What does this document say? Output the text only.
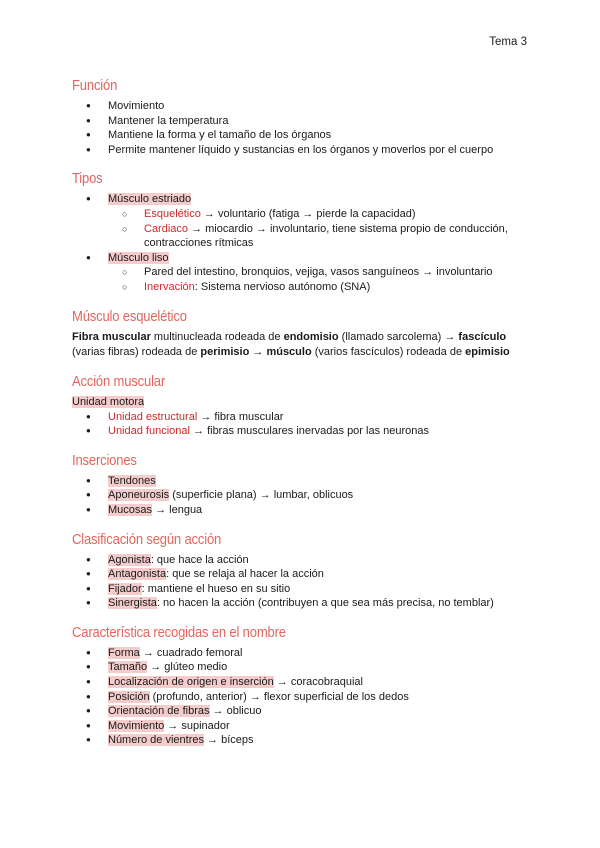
Tema 3
Función
● Movimiento
● Mantener la temperatura
● Mantiene la forma y el tamaño de los órganos
● Permite mantener líquido y sustancias en los órganos y moverlos por el cuerpo
Tipos
● Músculo estriado
○ Esquelético → voluntario (fatiga → pierde la capacidad)
○ Cardiaco → miocardio → involuntario, tiene sistema propio de conducción, contracciones rítmicas
● Músculo liso
○ Pared del intestino, bronquios, vejiga, vasos sanguíneos → involuntario
○ Inervación: Sistema nervioso autónomo (SNA)
Músculo esquelético

Fibra muscular multinucleada rodeada de endomisio (llamado sarcolema) → fascículo (varias fibras) rodeada de perimisio → músculo (varios fascículos) rodeada de epimisio

Acción muscular

Unidad motora

● Unidad estructural → fibra muscular
● Unidad funcional → fibras musculares inervadas por las neuronas
Inserciones
● Tendones
● Aponeurosis (superficie plana) → lumbar, oblicuos
● Mucosas → lengua
Clasificación según acción
● Agonista: que hace la acción
● Antagonista: que se relaja al hacer la acción
● Fijador: mantiene el hueso en su sitio
● Sinergista: no hacen la acción (contribuyen a que sea más precisa, no temblar)
Característica recogidas en el nombre
● Forma → cuadrado femoral
● Tamaño → glúteo medio
● Localización de origen e inserción → coracobraquial
● Posición (profundo, anterior) → flexor superficial de los dedos
● Orientación de fibras → oblicuo
● Movimiento → supinador
● Número de vientres → bíceps
